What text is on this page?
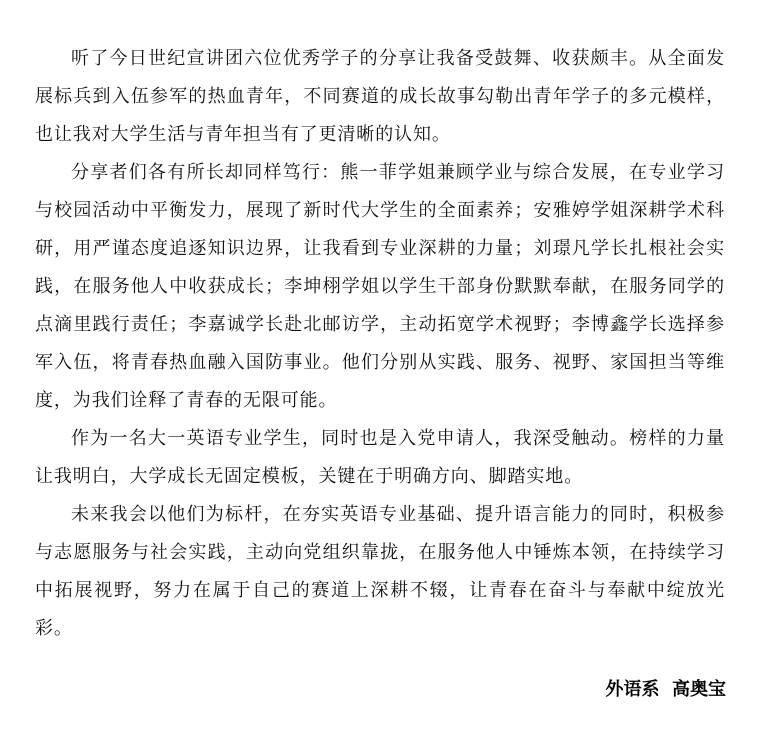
听了今日世纪宣讲团六位优秀学子的分享让我备受鼓舞、收获颇丰。从全面发展标兵到入伍参军的热血青年，不同赛道的成长故事勾勒出青年学子的多元模样，也让我对大学生活与青年担当有了更清晰的认知。

分享者们各有所长却同样笃行：熊一菲学姐兼顾学业与综合发展，在专业学习与校园活动中平衡发力，展现了新时代大学生的全面素养；安雅婷学姐深耕学术科研，用严谨态度追逐知识边界，让我看到专业深耕的力量；刘璟凡学长扎根社会实践，在服务他人中收获成长；李坤栩学姐以学生干部身份默默奉献，在服务同学的点滴里践行责任；李嘉诚学长赴北邮访学，主动拓宽学术视野；李博鑫学长选择参军入伍，将青春热血融入国防事业。他们分别从实践、服务、视野、家国担当等维度，为我们诠释了青春的无限可能。

作为一名大一英语专业学生，同时也是入党申请人，我深受触动。榜样的力量让我明白，大学成长无固定模板，关键在于明确方向、脚踏实地。

未来我会以他们为标杆，在夯实英语专业基础、提升语言能力的同时，积极参与志愿服务与社会实践，主动向党组织靠拢，在服务他人中锤炼本领，在持续学习中拓展视野，努力在属于自己的赛道上深耕不辍，让青春在奋斗与奉献中绽放光彩。

外语系  高奥宝
